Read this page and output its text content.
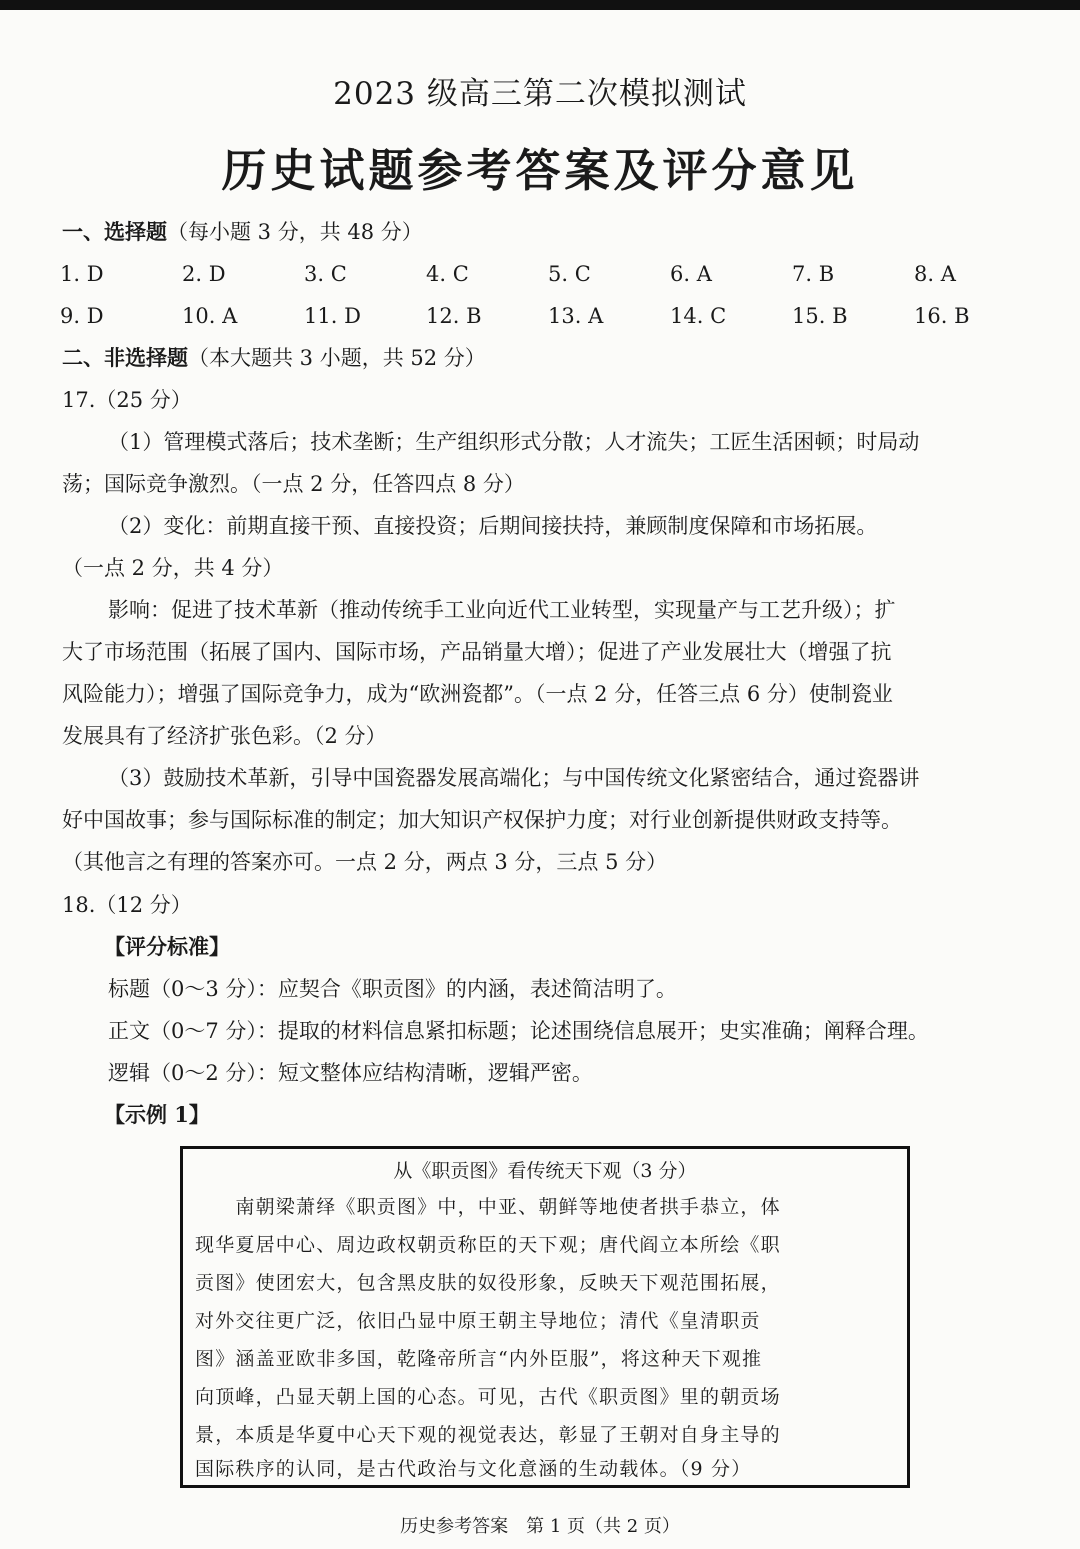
2023 级高三第二次模拟测试
历史试题参考答案及评分意见
一、选择题（每小题 3 分，共 48 分）
1. D	2. D	3. C	4. C	5. C	6. A	7. B	8. A
9. D	10. A	11. D	12. B	13. A	14. C	15. B	16. B
二、非选择题（本大题共 3 小题，共 52 分）
17.（25 分）
（1）管理模式落后；技术垄断；生产组织形式分散；人才流失；工匠生活困顿；时局动
荡；国际竞争激烈。（一点 2 分，任答四点 8 分）
（2）变化：前期直接干预、直接投资；后期间接扶持，兼顾制度保障和市场拓展。
（一点 2 分，共 4 分）
影响：促进了技术革新（推动传统手工业向近代工业转型，实现量产与工艺升级）；扩
大了市场范围（拓展了国内、国际市场，产品销量大增）；促进了产业发展壮大（增强了抗
风险能力）；增强了国际竞争力，成为“欧洲瓷都”。（一点 2 分，任答三点 6 分）使制瓷业
发展具有了经济扩张色彩。（2 分）
（3）鼓励技术革新，引导中国瓷器发展高端化；与中国传统文化紧密结合，通过瓷器讲
好中国故事；参与国际标准的制定；加大知识产权保护力度；对行业创新提供财政支持等。
（其他言之有理的答案亦可。一点 2 分，两点 3 分，三点 5 分）
18.（12 分）
【评分标准】
标题（0～3 分）：应契合《职贡图》的内涵，表述简洁明了。
正文（0～7 分）：提取的材料信息紧扣标题；论述围绕信息展开；史实准确；阐释合理。
逻辑（0～2 分）：短文整体应结构清晰，逻辑严密。
【示例 1】
从《职贡图》看传统天下观（3 分）
　　南朝梁萧绎《职贡图》中，中亚、朝鲜等地使者拱手恭立，体
现华夏居中心、周边政权朝贡称臣的天下观；唐代阎立本所绘《职
贡图》使团宏大，包含黑皮肤的奴役形象，反映天下观范围拓展，
对外交往更广泛，依旧凸显中原王朝主导地位；清代《皇清职贡
图》涵盖亚欧非多国，乾隆帝所言“内外臣服”，将这种天下观推
向顶峰，凸显天朝上国的心态。可见，古代《职贡图》里的朝贡场
景，本质是华夏中心天下观的视觉表达，彰显了王朝对自身主导的
国际秩序的认同，是古代政治与文化意涵的生动载体。（9 分）
历史参考答案　第 1 页（共 2 页）
